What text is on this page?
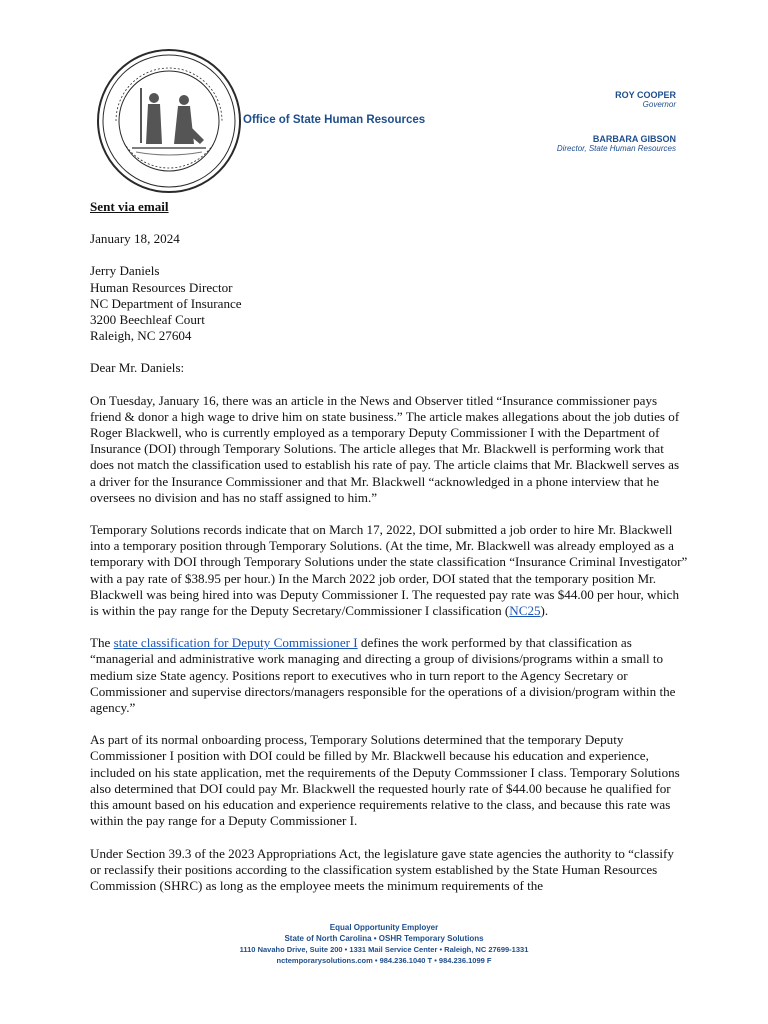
Office of State Human Resources
ROY COOPER
Governor
BARBARA GIBSON
Director, State Human Resources

Sent via email

January 18, 2024

Jerry Daniels
Human Resources Director
NC Department of Insurance
3200 Beechleaf Court
Raleigh, NC 27604

Dear Mr. Daniels:

On Tuesday, January 16, there was an article in the News and Observer titled “Insurance commissioner pays friend & donor a high wage to drive him on state business.” The article makes allegations about the job duties of Roger Blackwell, who is currently employed as a temporary Deputy Commissioner I with the Department of Insurance (DOI) through Temporary Solutions. The article alleges that Mr. Blackwell is performing work that does not match the classification used to establish his rate of pay. The article claims that Mr. Blackwell serves as a driver for the Insurance Commissioner and that Mr. Blackwell “acknowledged in a phone interview that he oversees no division and has no staff assigned to him.”

Temporary Solutions records indicate that on March 17, 2022, DOI submitted a job order to hire Mr. Blackwell into a temporary position through Temporary Solutions. (At the time, Mr. Blackwell was already employed as a temporary with DOI through Temporary Solutions under the state classification “Insurance Criminal Investigator” with a pay rate of $38.95 per hour.) In the March 2022 job order, DOI stated that the temporary position Mr. Blackwell was being hired into was Deputy Commissioner I. The requested pay rate was $44.00 per hour, which is within the pay range for the Deputy Secretary/Commissioner I classification (NC25).

The state classification for Deputy Commissioner I defines the work performed by that classification as “managerial and administrative work managing and directing a group of divisions/programs within a small to medium size State agency. Positions report to executives who in turn report to the Agency Secretary or Commissioner and supervise directors/managers responsible for the operations of a division/program within the agency.”

As part of its normal onboarding process, Temporary Solutions determined that the temporary Deputy Commissioner I position with DOI could be filled by Mr. Blackwell because his education and experience, included on his state application, met the requirements of the Deputy Commssioner I class. Temporary Solutions also determined that DOI could pay Mr. Blackwell the requested hourly rate of $44.00 because he qualified for this amount based on his education and experience requirements relative to the class, and because this rate was within the pay range for a Deputy Commissioner I.

Under Section 39.3 of the 2023 Appropriations Act, the legislature gave state agencies the authority to “classify or reclassify their positions according to the classification system established by the State Human Resources Commission (SHRC) as long as the employee meets the minimum requirements of the

Equal Opportunity Employer
State of North Carolina • OSHR Temporary Solutions
1110 Navaho Drive, Suite 200 • 1331 Mail Service Center • Raleigh, NC 27699-1331
nctemporarysolutions.com • 984.236.1040 T • 984.236.1099 F
